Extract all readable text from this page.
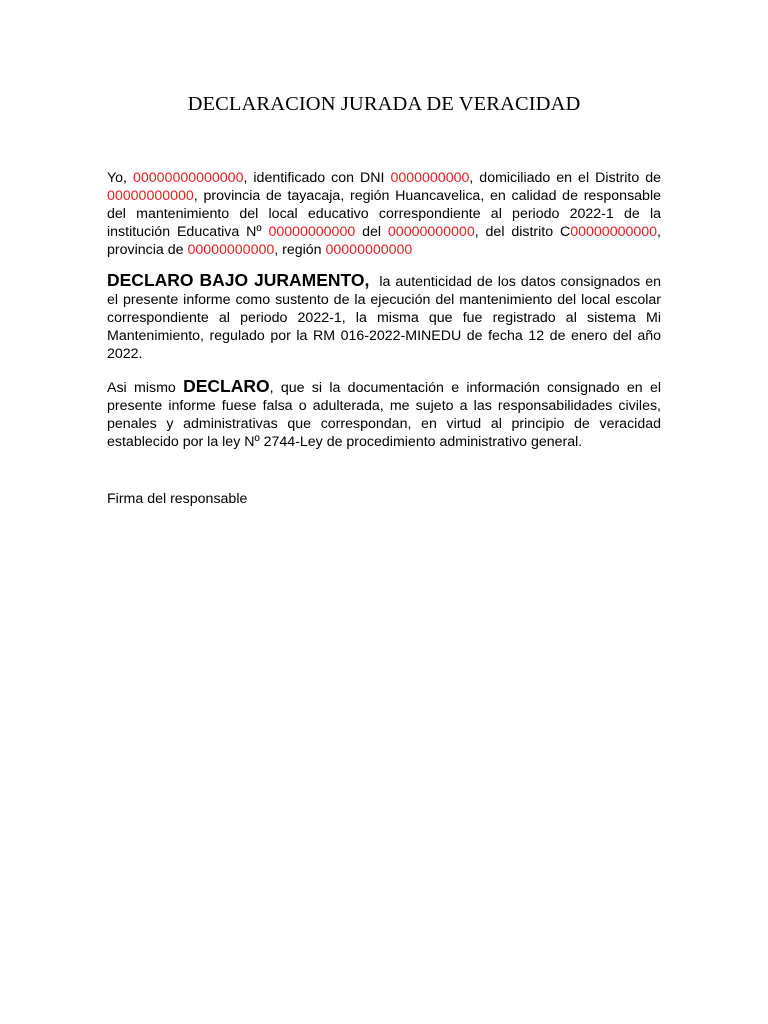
DECLARACION JURADA DE VERACIDAD

Yo, 00000000000000, identificado con DNI 0000000000, domiciliado en el Distrito de 00000000000, provincia de tayacaja, región Huancavelica, en calidad de responsable del mantenimiento del local educativo correspondiente al periodo 2022-1 de la institución Educativa Nº 00000000000 del 00000000000, del distrito C00000000000, provincia de 00000000000, región 00000000000

DECLARO BAJO JURAMENTO,  la autenticidad de los datos consignados en el presente informe como sustento de la ejecución del mantenimiento del local escolar correspondiente al periodo 2022-1, la misma que fue registrado al sistema Mi Mantenimiento, regulado por la RM 016-2022-MINEDU de fecha 12 de enero del año 2022.

Asi mismo DECLARO, que si la documentación e información consignado en el presente informe fuese falsa o adulterada, me sujeto a las responsabilidades civiles, penales y administrativas que correspondan, en virtud al principio de veracidad establecido por la ley Nº 2744-Ley de procedimiento administrativo general.

Firma del responsable
